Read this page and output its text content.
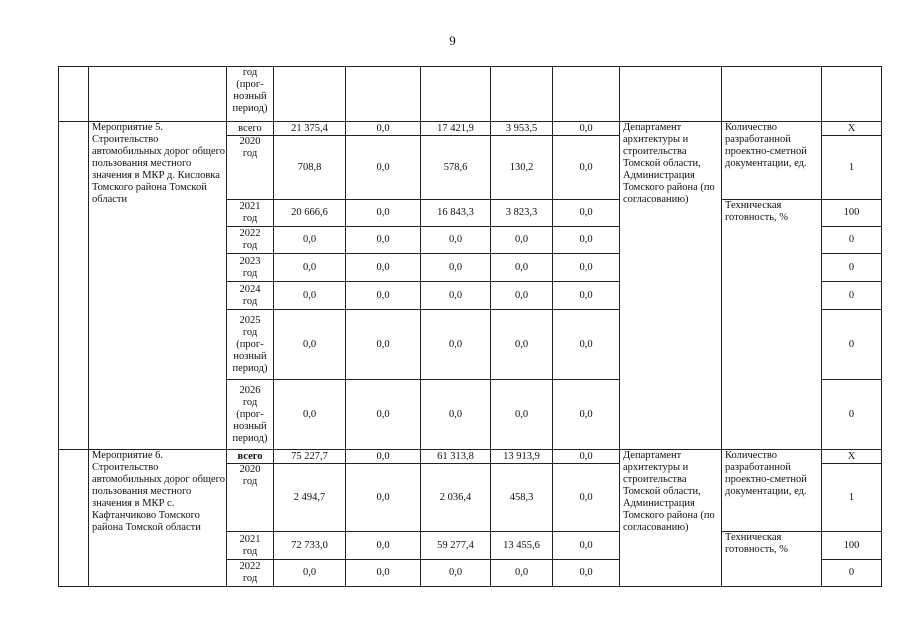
9

		год
(прог-
нозный
период)								

	Мероприятие 5. Строительство автомобильных дорог общего пользования местного значения в МКР д. Кисловка Томского района Томской области	всего	21 375,4	0,0	17 421,9	3 953,5	0,0	Департамент архитектуры и строительства Томской области, Администрация Томского района (по согласованию)	Количество разработанной проектно-сметной документации, ед.	Х

		2020
год	708,8	0,0	578,6	130,2	0,0			1
		2021
год	20 666,6	0,0	16 843,3	3 823,3	0,0		Техническая готовность, %	100
		2022
год	0,0	0,0	0,0	0,0	0,0			0
		2023
год	0,0	0,0	0,0	0,0	0,0			0
		2024
год	0,0	0,0	0,0	0,0	0,0			0
		2025
год
(прог-
нозный
период)	0,0	0,0	0,0	0,0	0,0			0
		2026
год
(прог-
нозный
период)	0,0	0,0	0,0	0,0	0,0			0
	Мероприятие 6. Строительство автомобильных дорог общего пользования местного значения в МКР с. Кафтанчиково Томского района Томской области	всего	75 227,7	0,0	61 313,8	13 913,9	0,0	Департамент архитектуры и строительства Томской области, Администрация Томского района (по согласованию)	Количество разработанной проектно-сметной документации, ед.	Х

		2020
год	2 494,7	0,0	2 036,4	458,3	0,0			1
		2021
год	72 733,0	0,0	59 277,4	13 455,6	0,0		Техническая готовность, %	100
		2022
год	0,0	0,0	0,0	0,0	0,0			0
